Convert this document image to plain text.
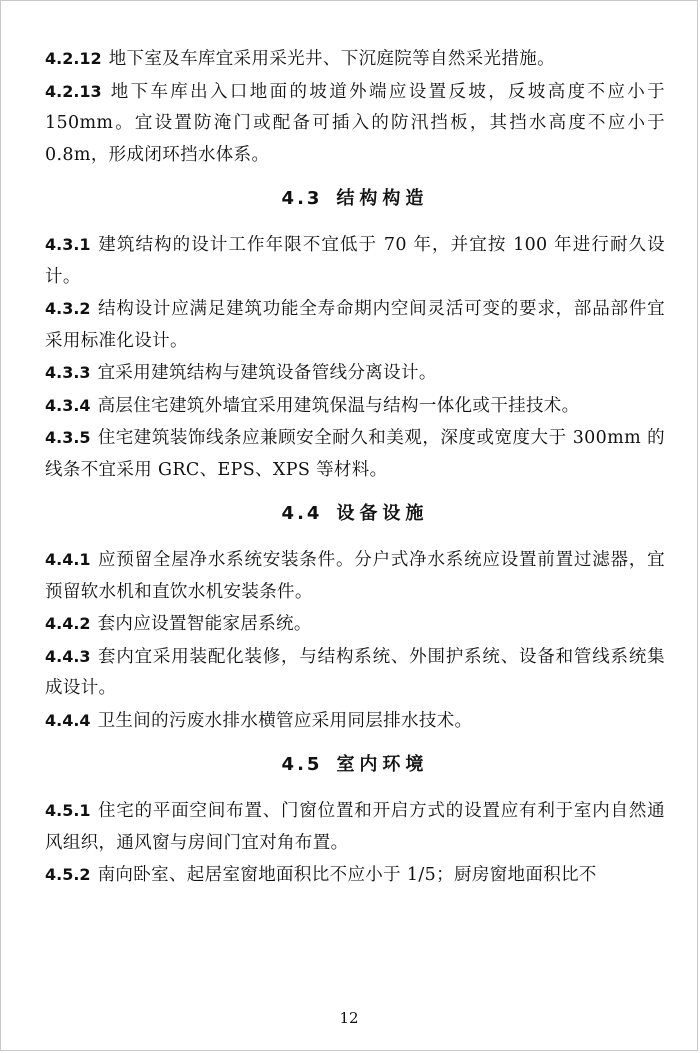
4.2.12 地下室及车库宜采用采光井、下沉庭院等自然采光措施。

4.2.13 地下车库出入口地面的坡道外端应设置反坡，反坡高度不应小于 150mm。宜设置防淹门或配备可插入的防汛挡板，其挡水高度不应小于 0.8m，形成闭环挡水体系。

4.3 结构构造

4.3.1 建筑结构的设计工作年限不宜低于 70 年，并宜按 100 年进行耐久设计。

4.3.2 结构设计应满足建筑功能全寿命期内空间灵活可变的要求，部品部件宜采用标准化设计。

4.3.3 宜采用建筑结构与建筑设备管线分离设计。

4.3.4 高层住宅建筑外墙宜采用建筑保温与结构一体化或干挂技术。

4.3.5 住宅建筑装饰线条应兼顾安全耐久和美观，深度或宽度大于 300mm 的线条不宜采用 GRC、EPS、XPS 等材料。

4.4 设备设施

4.4.1 应预留全屋净水系统安装条件。分户式净水系统应设置前置过滤器，宜预留软水机和直饮水机安装条件。

4.4.2 套内应设置智能家居系统。

4.4.3 套内宜采用装配化装修，与结构系统、外围护系统、设备和管线系统集成设计。

4.4.4 卫生间的污废水排水横管应采用同层排水技术。

4.5 室内环境

4.5.1 住宅的平面空间布置、门窗位置和开启方式的设置应有利于室内自然通风组织，通风窗与房间门宜对角布置。

4.5.2 南向卧室、起居室窗地面积比不应小于 1/5；厨房窗地面积比不

12
